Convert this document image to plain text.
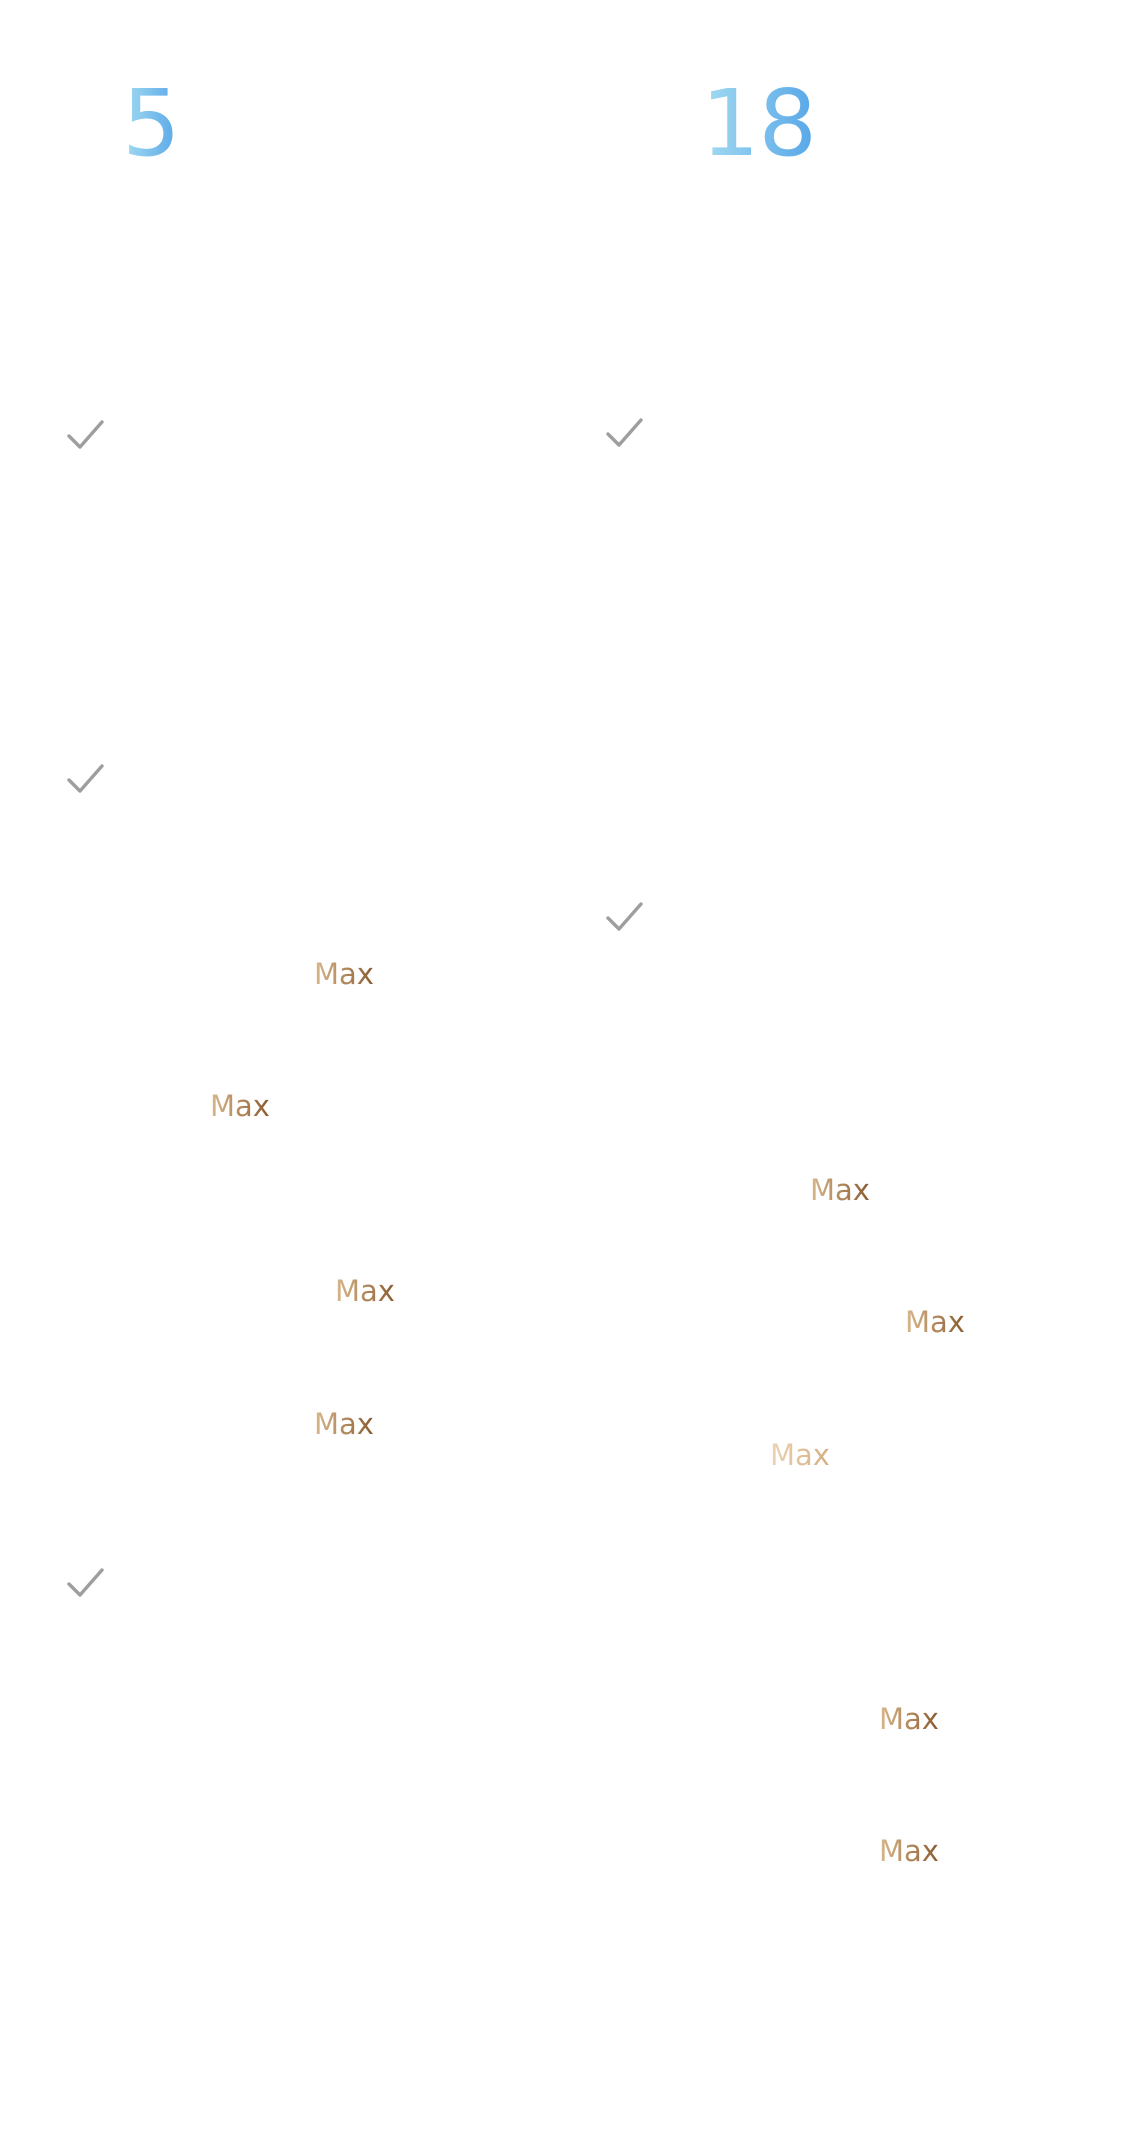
5
Max
Max
Max
Max
18
Max
Max
Max
Max
Max
